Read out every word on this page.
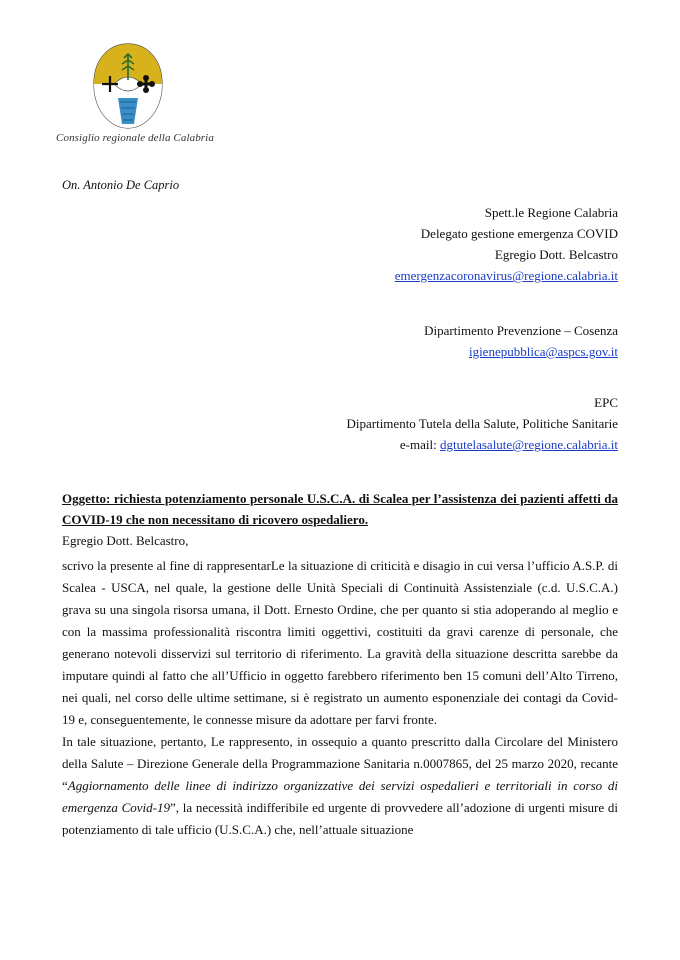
Consiglio regionale della Calabria
On. Antonio De Caprio
Spett.le Regione Calabria
Delegato gestione emergenza COVID
Egregio Dott. Belcastro
emergenzacoronavirus@regione.calabria.it
Dipartimento Prevenzione – Cosenza
igienepubblica@aspcs.gov.it
EPC
Dipartimento Tutela della Salute, Politiche Sanitarie
e-mail: dgtutelasalute@regione.calabria.it
Oggetto: richiesta potenziamento personale U.S.C.A. di Scalea per l’assistenza dei pazienti affetti da COVID-19 che non necessitano di ricovero ospedaliero.
Egregio Dott. Belcastro,

scrivo la presente al fine di rappresentarLe la situazione di criticità e disagio in cui versa l’ufficio A.S.P. di Scalea - USCA, nel quale, la gestione delle Unità Speciali di Continuità Assistenziale (c.d. U.S.C.A.) grava su una singola risorsa umana, il Dott. Ernesto Ordine, che per quanto si stia adoperando al meglio e con la massima professionalità riscontra limiti oggettivi, costituiti da gravi carenze di personale, che generano notevoli disservizi sul territorio di riferimento. La gravità della situazione descritta sarebbe da imputare quindi al fatto che all’Ufficio in oggetto farebbero riferimento ben 15 comuni dell’Alto Tirreno, nei quali, nel corso delle ultime settimane, si è registrato un aumento esponenziale dei contagi da Covid-19 e, conseguentemente, le connesse misure da adottare per farvi fronte.

In tale situazione, pertanto, Le rappresento, in ossequio a quanto prescritto dalla Circolare del Ministero della Salute – Direzione Generale della Programmazione Sanitaria n.0007865, del 25 marzo 2020, recante “Aggiornamento delle linee di indirizzo organizzative dei servizi ospedalieri e territoriali in corso di emergenza Covid-19”, la necessità indifferibile ed urgente di provvedere all’adozione di urgenti misure di potenziamento di tale ufficio (U.S.C.A.) che, nell’attuale situazione
